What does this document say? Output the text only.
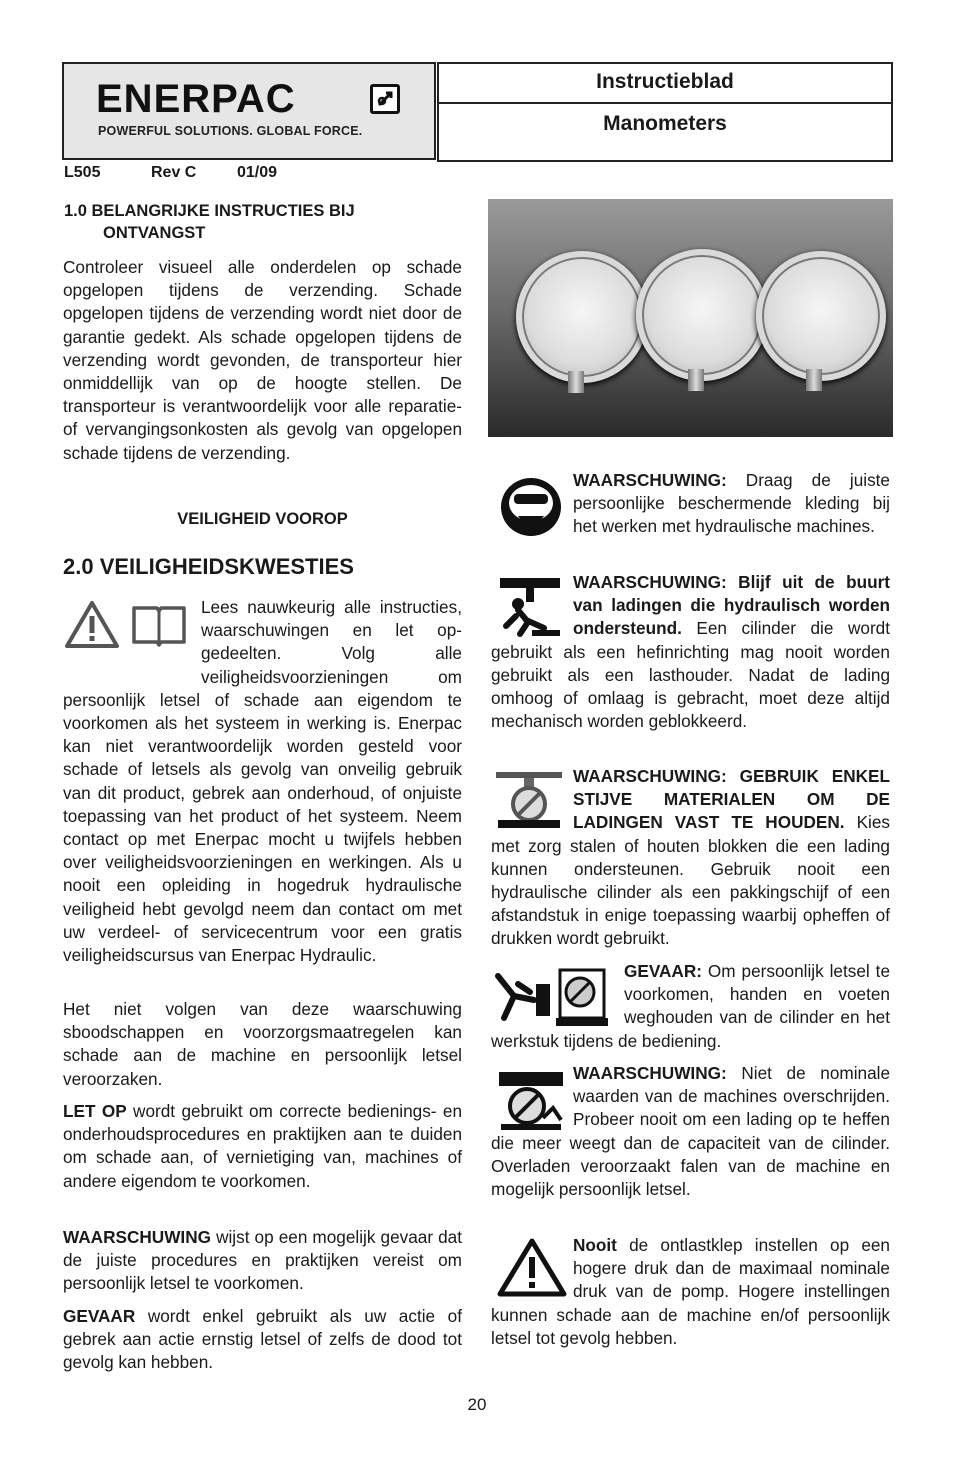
ENERPAC
POWERFUL SOLUTIONS. GLOBAL FORCE.
Instructieblad
Manometers
L505	Rev C	01/09
1.0 BELANGRIJKE INSTRUCTIES BIJ
ONTVANGST
Controleer visueel alle onderdelen op schade opgelopen tijdens de verzending. Schade opgelopen tijdens de verzending wordt niet door de garantie gedekt. Als schade opgelopen tijdens de verzending wordt gevonden, de transporteur hier onmiddellijk van op de hoogte stellen. De transporteur is verantwoordelijk voor alle reparatie- of vervangingsonkosten als gevolg van opgelopen schade tijdens de verzending.
VEILIGHEID VOOROP
2.0 VEILIGHEIDSKWESTIES
Lees nauwkeurig alle instructies, waarschuwingen en let op-gedeelten. Volg alle veiligheidsvoorzieningen om persoonlijk letsel of schade aan eigendom te voorkomen als het systeem in werking is. Enerpac kan niet verantwoordelijk worden gesteld voor schade of letsels als gevolg van onveilig gebruik van dit product, gebrek aan onderhoud, of onjuiste toepassing van het product of het systeem. Neem contact op met Enerpac mocht u twijfels hebben over veiligheidsvoorzieningen en werkingen. Als u nooit een opleiding in hogedruk hydraulische veiligheid hebt gevolgd neem dan contact om met uw verdeel- of servicecentrum voor een gratis veiligheidscursus van Enerpac Hydraulic.
Het niet volgen van deze waarschuwing sboodschappen en voorzorgsmaatregelen kan schade aan de machine en persoonlijk letsel veroorzaken.
LET OP wordt gebruikt om correcte bedienings- en onderhoudsprocedures en praktijken aan te duiden om schade aan, of vernietiging van, machines of andere eigendom te voorkomen.
WAARSCHUWING wijst op een mogelijk gevaar dat de juiste procedures en praktijken vereist om persoonlijk letsel te voorkomen.
GEVAAR wordt enkel gebruikt als uw actie of gebrek aan actie ernstig letsel of zelfs de dood tot gevolg kan hebben.
WAARSCHUWING: Draag de juiste persoonlijke beschermende kleding bij het werken met hydraulische machines.
WAARSCHUWING: Blijf uit de buurt van ladingen die hydraulisch worden ondersteund. Een cilinder die wordt gebruikt als een hefinrichting mag nooit worden gebruikt als een lasthouder. Nadat de lading omhoog of omlaag is gebracht, moet deze altijd mechanisch worden geblokkeerd.
WAARSCHUWING: GEBRUIK ENKEL STIJVE MATERIALEN OM DE LADINGEN VAST TE HOUDEN. Kies met zorg stalen of houten blokken die een lading kunnen ondersteunen. Gebruik nooit een hydraulische cilinder als een pakkingschijf of een afstandstuk in enige toepassing waarbij opheffen of drukken wordt gebruikt.
GEVAAR: Om persoonlijk letsel te voorkomen, handen en voeten weghouden van de cilinder en het werkstuk tijdens de bediening.
WAARSCHUWING: Niet de nominale waarden van de machines overschrijden. Probeer nooit om een lading op te heffen die meer weegt dan de capaciteit van de cilinder. Overladen veroorzaakt falen van de machine en mogelijk persoonlijk letsel.
Nooit de ontlastklep instellen op een hogere druk dan de maximaal nominale druk van de pomp. Hogere instellingen kunnen schade aan de machine en/of persoonlijk letsel tot gevolg hebben.
20
